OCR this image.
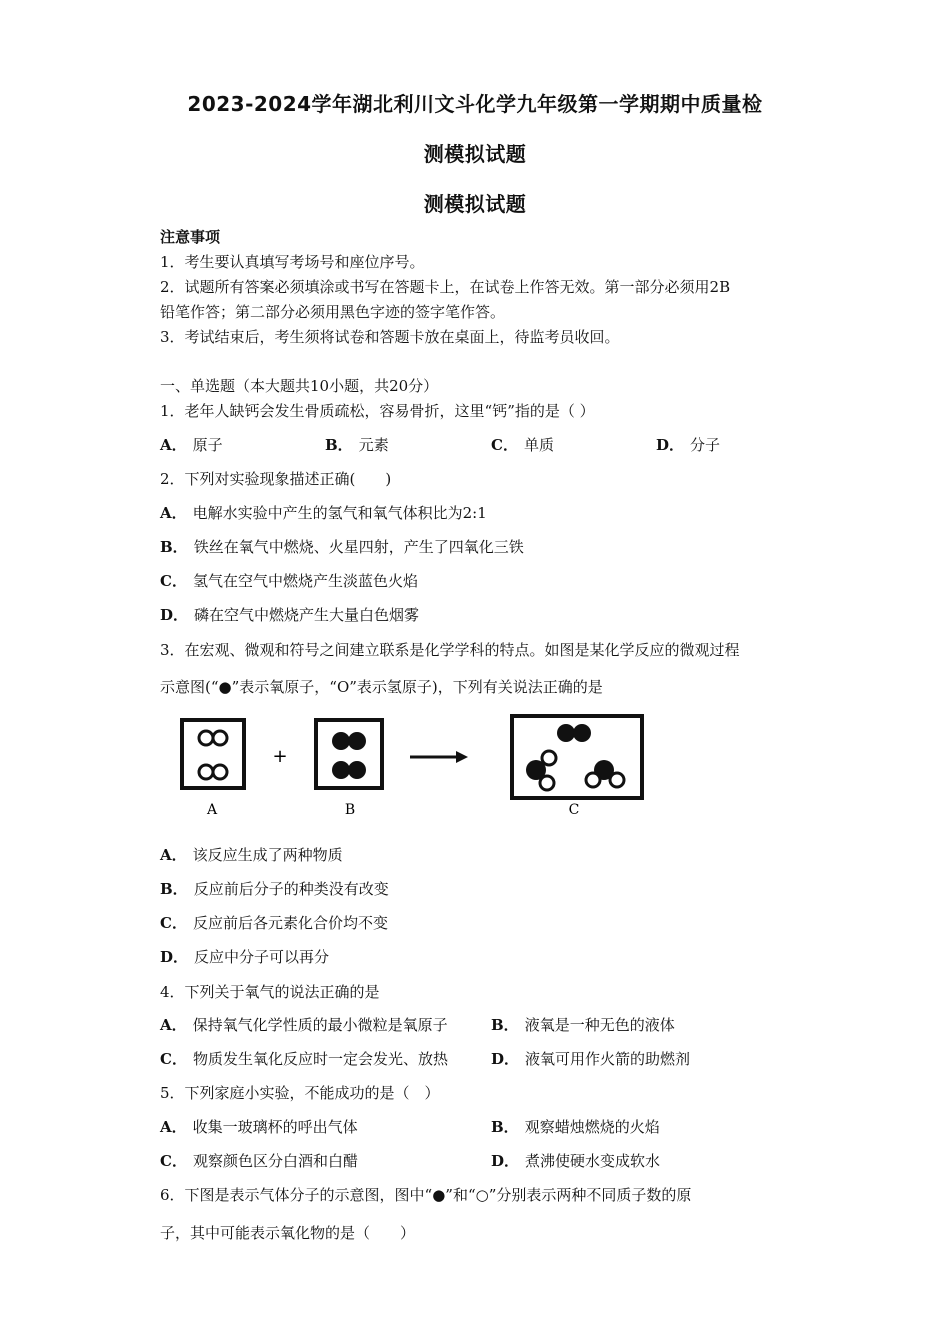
2023-2024学年湖北利川文斗化学九年级第一学期期中质量检
测模拟试题
测模拟试题
注意事项
1．考生要认真填写考场号和座位序号。
2．试题所有答案必须填涂或书写在答题卡上，在试卷上作答无效。第一部分必须用2B
铅笔作答；第二部分必须用黑色字迹的签字笔作答。
3．考试结束后，考生须将试卷和答题卡放在桌面上，待监考员收回。
一、单选题（本大题共10小题，共20分）
1．老年人缺钙会发生骨质疏松，容易骨折，这里“钙”指的是（ ）
A． 原子	B． 元素	C． 单质	D． 分子
2．下列对实验现象描述正确(　　)
A． 电解水实验中产生的氢气和氧气体积比为2:1
B． 铁丝在氧气中燃烧、火星四射，产生了四氧化三铁
C． 氢气在空气中燃烧产生淡蓝色火焰
D． 磷在空气中燃烧产生大量白色烟雾
3．在宏观、微观和符号之间建立联系是化学学科的特点。如图是某化学反应的微观过程
示意图(“●”表示氧原子，“O”表示氢原子)，下列有关说法正确的是
A
+
B	C
A． 该反应生成了两种物质
B． 反应前后分子的种类没有改变
C． 反应前后各元素化合价均不变
D． 反应中分子可以再分
4．下列关于氧气的说法正确的是
A． 保持氧气化学性质的最小微粒是氧原子	B． 液氧是一种无色的液体
C． 物质发生氧化反应时一定会发光、放热	D． 液氧可用作火箭的助燃剂
5．下列家庭小实验，不能成功的是（　）
A． 收集一玻璃杯的呼出气体	B． 观察蜡烛燃烧的火焰
C． 观察颜色区分白酒和白醋	D． 煮沸使硬水变成软水
6．下图是表示气体分子的示意图，图中“●”和“○”分别表示两种不同质子数的原
子，其中可能表示氧化物的是（　　）
